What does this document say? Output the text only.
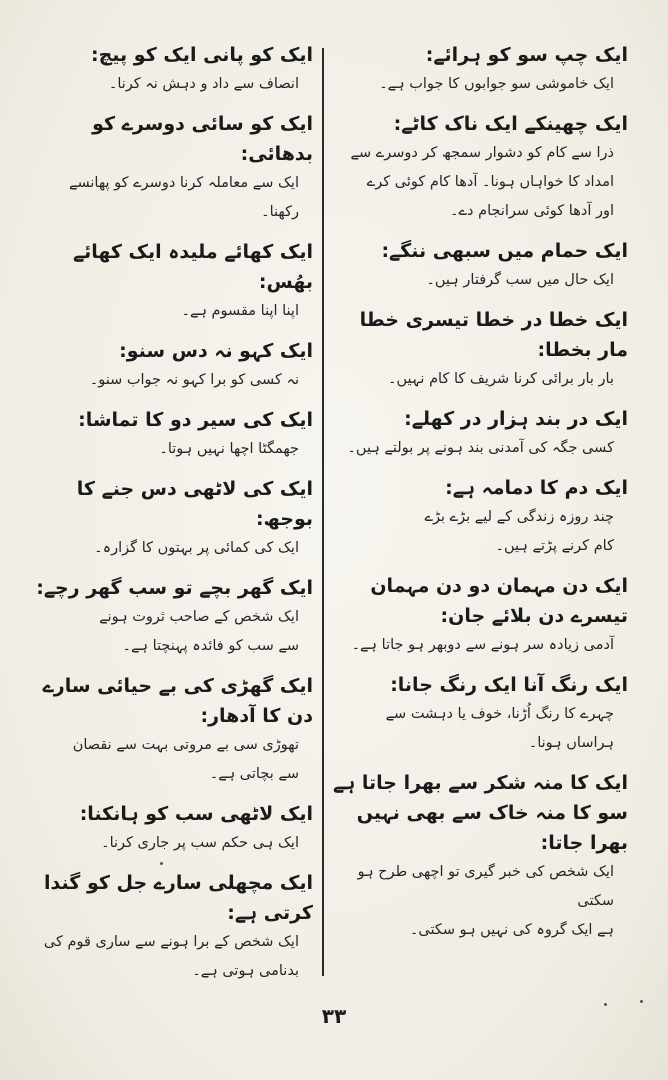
ایک چپ سو کو ہرائے:

ایک خاموشی سو جوابوں کا جواب ہے۔

ایک چھینکے ایک ناک کاٹے:

ذرا سے کام کو دشوار سمجھ کر دوسرے سے

امداد کا خواہاں ہونا۔ آدھا کام کوئی کرے

اور آدھا کوئی سرانجام دے۔

ایک حمام میں سبھی ننگے:

ایک حال میں سب گرفتار ہیں۔

ایک خطا در خطا تیسری خطا مار بخطا:

بار بار برائی کرنا شریف کا کام نہیں۔

ایک در بند ہزار در کھلے:

کسی جگہ کی آمدنی بند ہونے پر بولتے ہیں۔

ایک دم کا دمامہ ہے:

چند روزہ زندگی کے لیے بڑے بڑے

کام کرنے پڑتے ہیں۔

ایک دن مہمان دو دن مہمان تیسرے دن بلائے جان:

آدمی زیادہ سر ہونے سے دوبھر ہو جاتا ہے۔

ایک رنگ آنا ایک رنگ جانا:

چہرے کا رنگ اُڑنا، خوف یا دہشت سے

ہراساں ہونا۔

ایک کا منہ شکر سے بھرا جاتا ہے سو کا منہ خاک سے بھی نہیں بھرا جاتا:

ایک شخص کی خبر گیری تو اچھی طرح ہو سکتی

ہے ایک گروہ کی نہیں ہو سکتی۔

ایک کو پانی ایک کو پیچ:

انصاف سے داد و دہش نہ کرنا۔

ایک کو سائی دوسرے کو بدھائی:

ایک سے معاملہ کرنا دوسرے کو پھانسے

رکھنا۔

ایک کھائے ملیدہ ایک کھائے بھُس:

اپنا اپنا مقسوم ہے۔

ایک کہو نہ دس سنو:

نہ کسی کو برا کہو نہ جواب سنو۔

ایک کی سیر دو کا تماشا:

جھمگٹا اچھا نہیں ہوتا۔

ایک کی لاٹھی دس جنے کا بوجھ:

ایک کی کمائی پر بہتوں کا گزارہ۔

ایک گھر بچے تو سب گھر رچے:

ایک شخص کے صاحب ثروت ہونے

سے سب کو فائدہ پہنچتا ہے۔

ایک گھڑی کی بے حیائی سارے دن کا آدھار:

تھوڑی سی بے مروتی بہت سے نقصان

سے بچاتی ہے۔

ایک لاٹھی سب کو ہانکنا:

ایک ہی حکم سب پر جاری کرنا۔

ایک مچھلی سارے جل کو گندا کرتی ہے:

ایک شخص کے برا ہونے سے ساری قوم کی

بدنامی ہوتی ہے۔

۳۳
